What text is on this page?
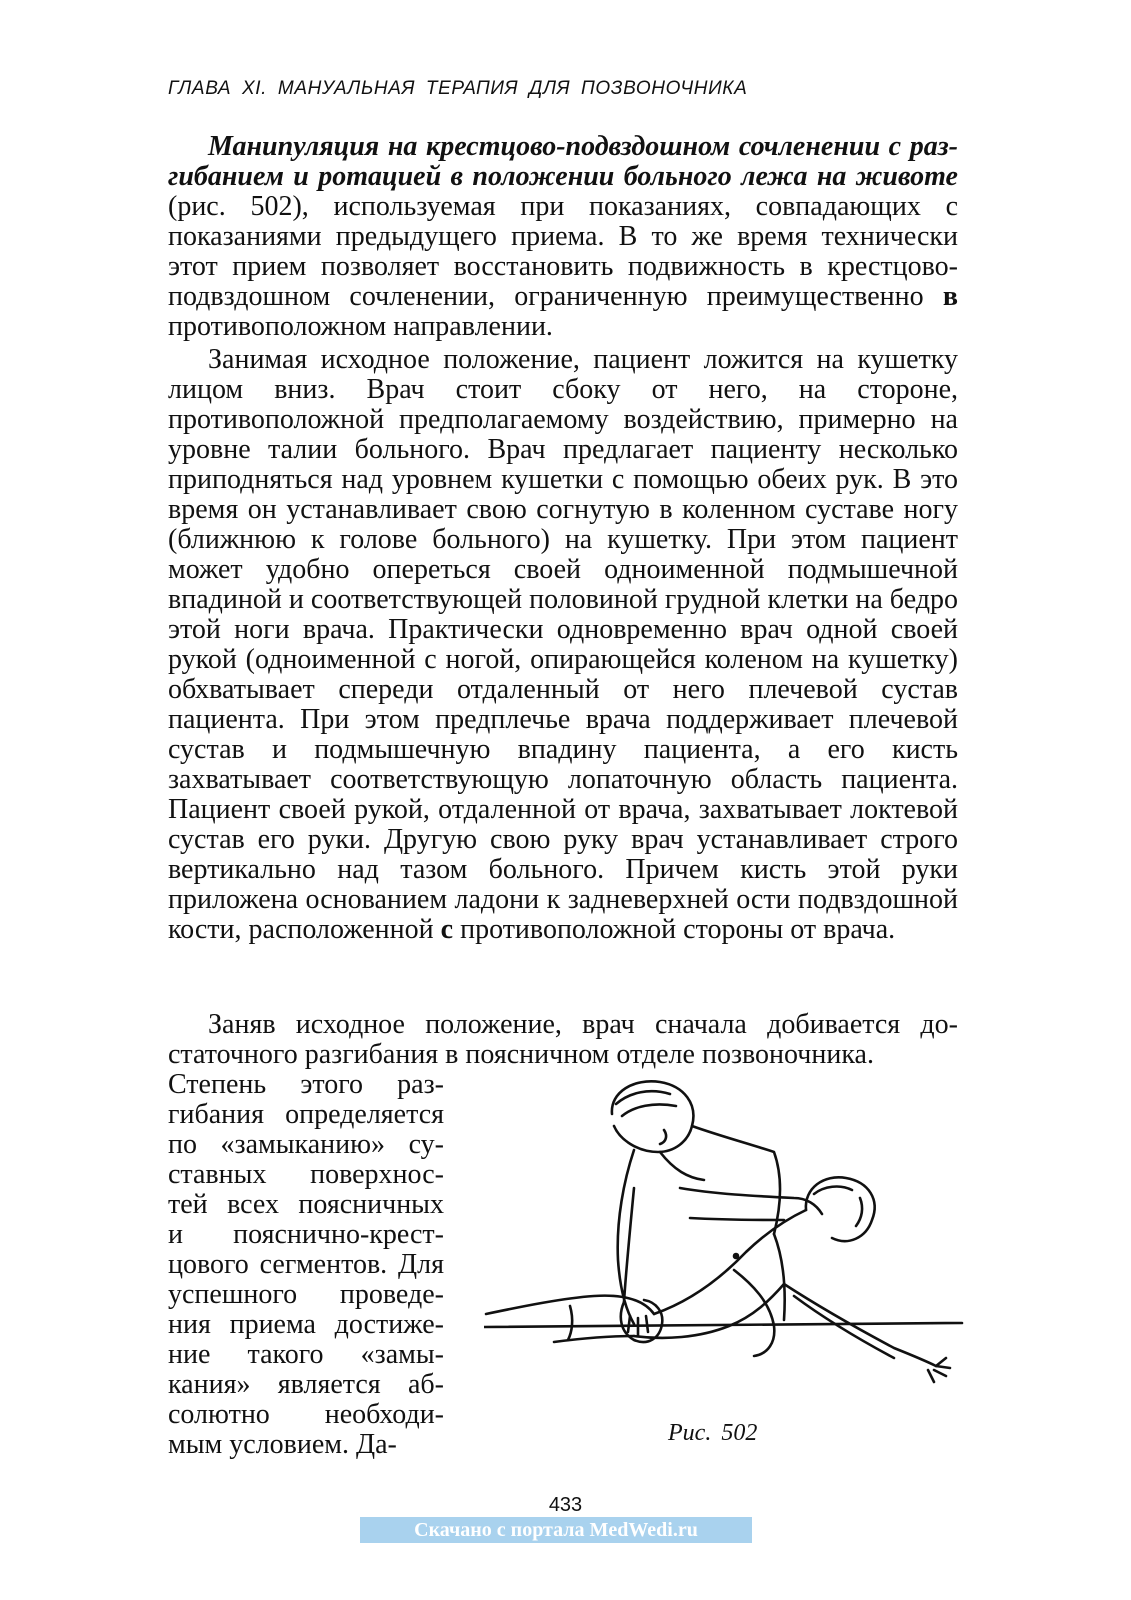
ГЛАВА XI. МАНУАЛЬНАЯ ТЕРАПИЯ ДЛЯ ПОЗВОНОЧНИКА
Манипуляция на крестцово-подвздошном сочленении с разгибанием и ротацией в положении больного лежа на животе (рис. 502), используемая при показаниях, совпадающих с показаниями предыдущего приема. В то же время технически этот прием позволяет восстановить подвижность в крестцово-подвздошном сочленении, ограниченную преимущественно в противоположном направлении.
Занимая исходное положение, пациент ложится на кушетку лицом вниз. Врач стоит сбоку от него, на стороне, противоположной предполагаемому воздействию, примерно на уровне талии больного. Врач предлагает пациенту несколько приподняться над уровнем кушетки с помощью обеих рук. В это время он устанавливает свою согнутую в коленном суставе ногу (ближнюю к голове больного) на кушетку. При этом пациент может удобно опереться своей одноименной подмышечной впадиной и соответствующей половиной грудной клетки на бедро этой ноги врача. Практически одновременно врач одной своей рукой (одноименной с ногой, опирающейся коленом на кушетку) обхватывает спереди отдаленный от него плечевой сустав пациента. При этом предплечье врача поддерживает плечевой сустав и подмышечную впадину пациента, а его кисть захватывает соответствующую лопаточную область пациента. Пациент своей рукой, отдаленной от врача, захватывает локтевой сустав его руки. Другую свою руку врач устанавливает строго вертикально над тазом больного. Причем кисть этой руки приложена основанием ладони к задневерхней ости подвздошной кости, расположенной с противоположной стороны от врача.
Заняв исходное положение, врач сначала добивается достаточного разгибания в поясничном отделе позвоночника.
Степень этого раз-
гибания определяется
по «замыканию» су-
ставных поверхнос-
тей всех поясничных
и пояснично-крест-
цового сегментов. Для
успешного проведе-
ния приема достиже-
ние такого «замы-
кания» является аб-
солютно необходи-
мым условием. Да-	Рис. 502
433
Скачано с портала MedWedi.ru
